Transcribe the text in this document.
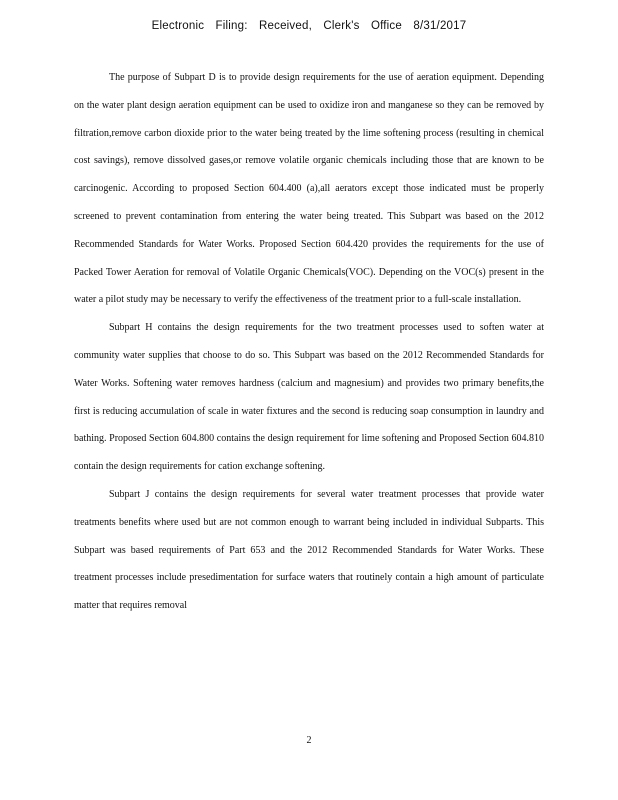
Electronic Filing: Received, Clerk's Office 8/31/2017

The purpose of Subpart D is to provide design requirements for the use of aeration equipment. Depending on the water plant design aeration equipment can be used to oxidize iron and manganese so they can be removed by filtration,remove carbon dioxide prior to the water being treated by the lime softening process (resulting in chemical cost savings), remove dissolved gases,or remove volatile organic chemicals including those that are known to be carcinogenic. According to proposed Section 604.400 (a),all aerators except those indicated must be properly screened to prevent contamination from entering the water being treated. This Subpart was based on the 2012 Recommended Standards for Water Works. Proposed Section 604.420 provides the requirements for the use of Packed Tower Aeration for removal of Volatile Organic Chemicals(VOC). Depending on the VOC(s) present in the water a pilot study may be necessary to verify the effectiveness of the treatment prior to a full-scale installation.

Subpart H contains the design requirements for the two treatment processes used to soften water at community water supplies that choose to do so. This Subpart was based on the 2012 Recommended Standards for Water Works. Softening water removes hardness (calcium and magnesium) and provides two primary benefits,the first is reducing accumulation of scale in water fixtures and the second is reducing soap consumption in laundry and bathing. Proposed Section 604.800 contains the design requirement for lime softening and Proposed Section 604.810 contain the design requirements for cation exchange softening.

Subpart J contains the design requirements for several water treatment processes that provide water treatments benefits where used but are not common enough to warrant being included in individual Subparts. This Subpart was based requirements of Part 653 and the 2012 Recommended Standards for Water Works. These treatment processes include presedimentation for surface waters that routinely contain a high amount of particulate matter that requires removal

2
